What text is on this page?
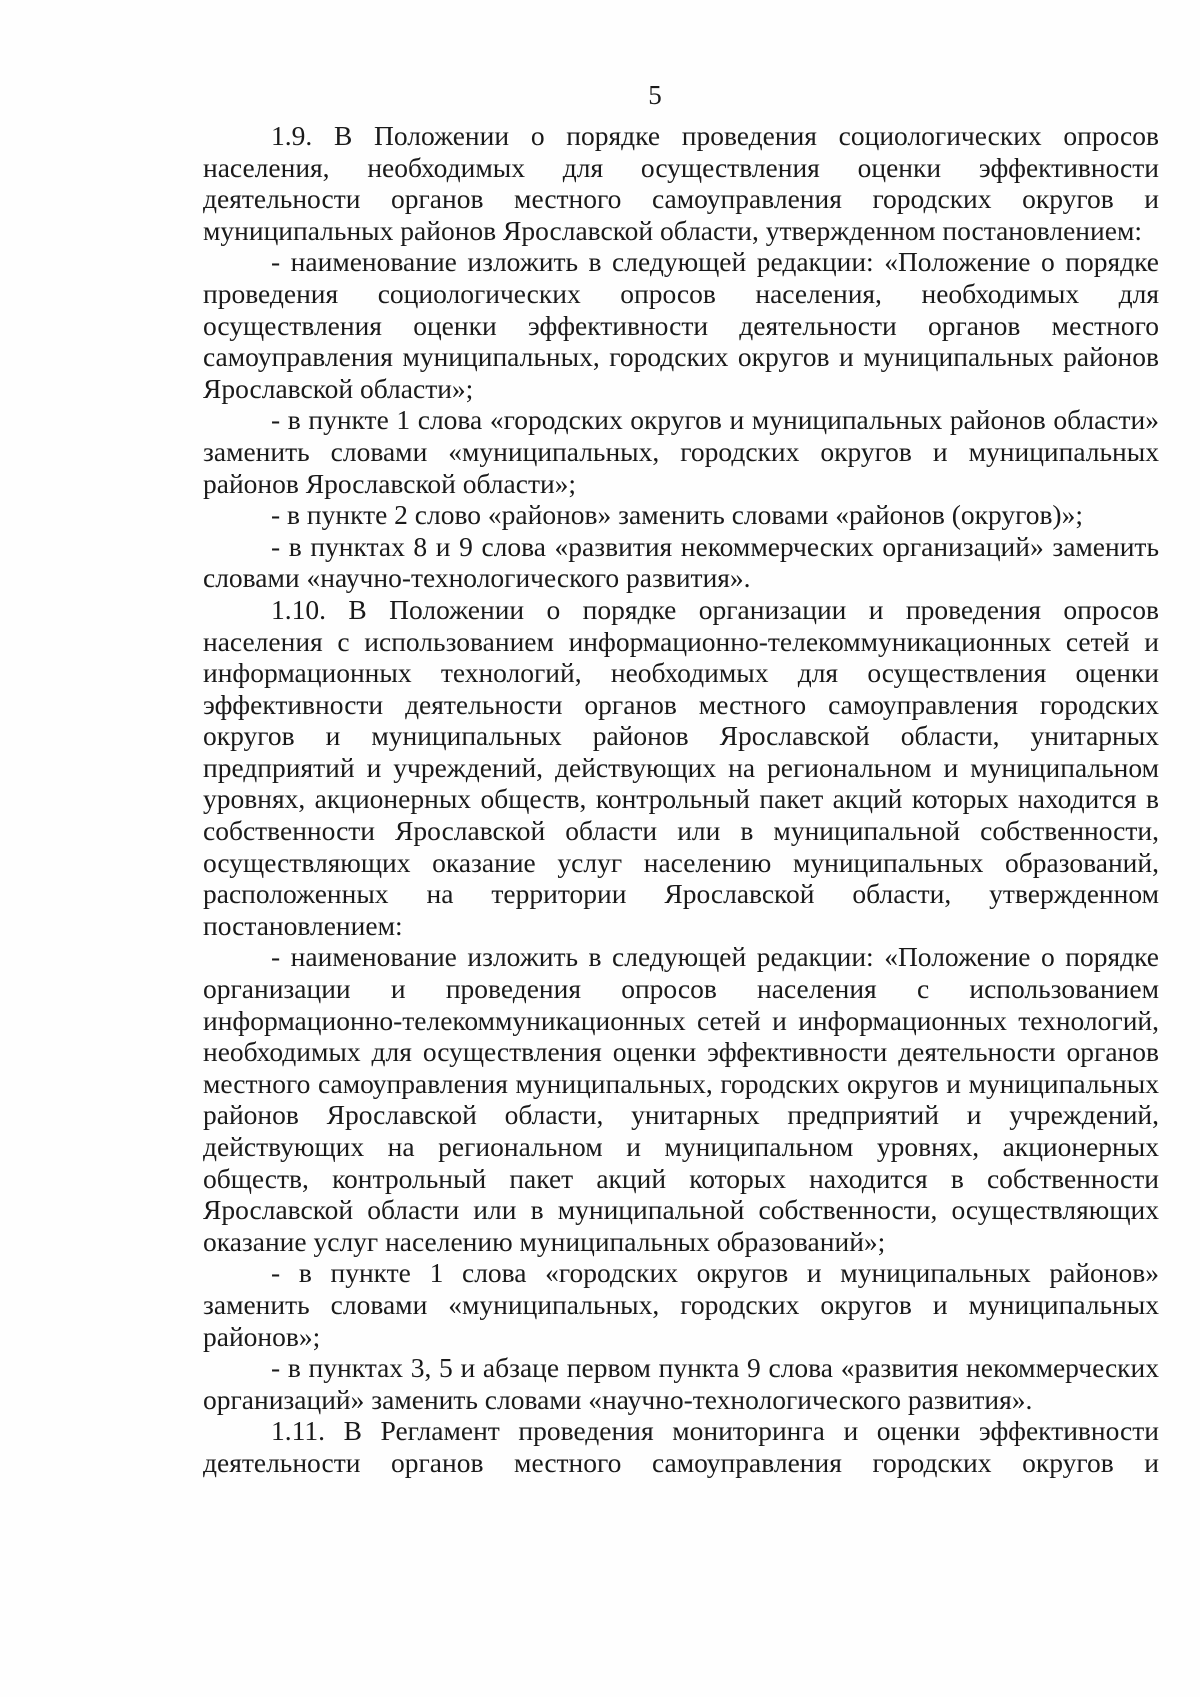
5

1.9. В Положении о порядке проведения социологических опросов населения, необходимых для осуществления оценки эффективности деятельности органов местного самоуправления городских округов и муниципальных районов Ярославской области, утвержденном постановлением:

- наименование изложить в следующей редакции: «Положение о порядке проведения социологических опросов населения, необходимых для осуществления оценки эффективности деятельности органов местного самоуправления муниципальных, городских округов и муниципальных районов Ярославской области»;

- в пункте 1 слова «городских округов и муниципальных районов области» заменить словами «муниципальных, городских округов и муниципальных районов Ярославской области»;

- в пункте 2 слово «районов» заменить словами «районов (округов)»;

- в пунктах 8 и 9 слова «развития некоммерческих организаций» заменить словами «научно-технологического развития».

1.10. В Положении о порядке организации и проведения опросов населения с использованием информационно-телекоммуникационных сетей и информационных технологий, необходимых для осуществления оценки эффективности деятельности органов местного самоуправления городских округов и муниципальных районов Ярославской области, унитарных предприятий и учреждений, действующих на региональном и муниципальном уровнях, акционерных обществ, контрольный пакет акций которых находится в собственности Ярославской области или в муниципальной собственности, осуществляющих оказание услуг населению муниципальных образований, расположенных на территории Ярославской области, утвержденном постановлением:

- наименование изложить в следующей редакции: «Положение о порядке организации и проведения опросов населения с использованием информационно-телекоммуникационных сетей и информационных технологий, необходимых для осуществления оценки эффективности деятельности органов местного самоуправления муниципальных, городских округов и муниципальных районов Ярославской области, унитарных предприятий и учреждений, действующих на региональном и муниципальном уровнях, акционерных обществ, контрольный пакет акций которых находится в собственности Ярославской области или в муниципальной собственности, осуществляющих оказание услуг населению муниципальных образований»;

- в пункте 1 слова «городских округов и муниципальных районов» заменить словами «муниципальных, городских округов и муниципальных районов»;

- в пунктах 3, 5 и абзаце первом пункта 9 слова «развития некоммерческих организаций» заменить словами «научно-технологического развития».

1.11. В Регламент проведения мониторинга и оценки эффективности деятельности органов местного самоуправления городских округов и
